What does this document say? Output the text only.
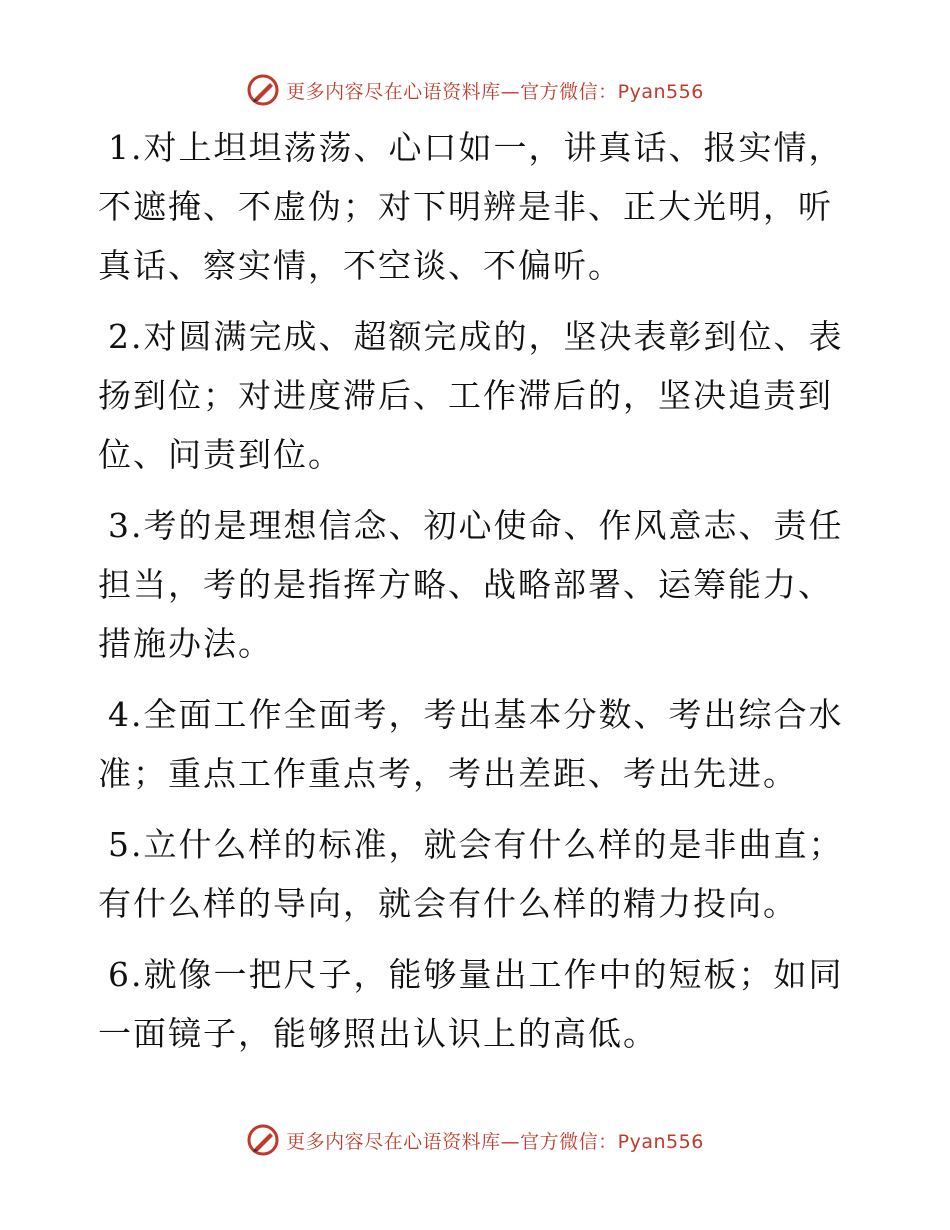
更多内容尽在心语资料库—官方微信：Pyan556

1.对上坦坦荡荡、心口如一，讲真话、报实情，不遮掩、不虚伪；对下明辨是非、正大光明，听真话、察实情，不空谈、不偏听。

2.对圆满完成、超额完成的，坚决表彰到位、表扬到位；对进度滞后、工作滞后的，坚决追责到位、问责到位。

3.考的是理想信念、初心使命、作风意志、责任担当，考的是指挥方略、战略部署、运筹能力、措施办法。

4.全面工作全面考，考出基本分数、考出综合水准；重点工作重点考，考出差距、考出先进。

5.立什么样的标准，就会有什么样的是非曲直；有什么样的导向，就会有什么样的精力投向。

6.就像一把尺子，能够量出工作中的短板；如同一面镜子，能够照出认识上的高低。

更多内容尽在心语资料库—官方微信：Pyan556
